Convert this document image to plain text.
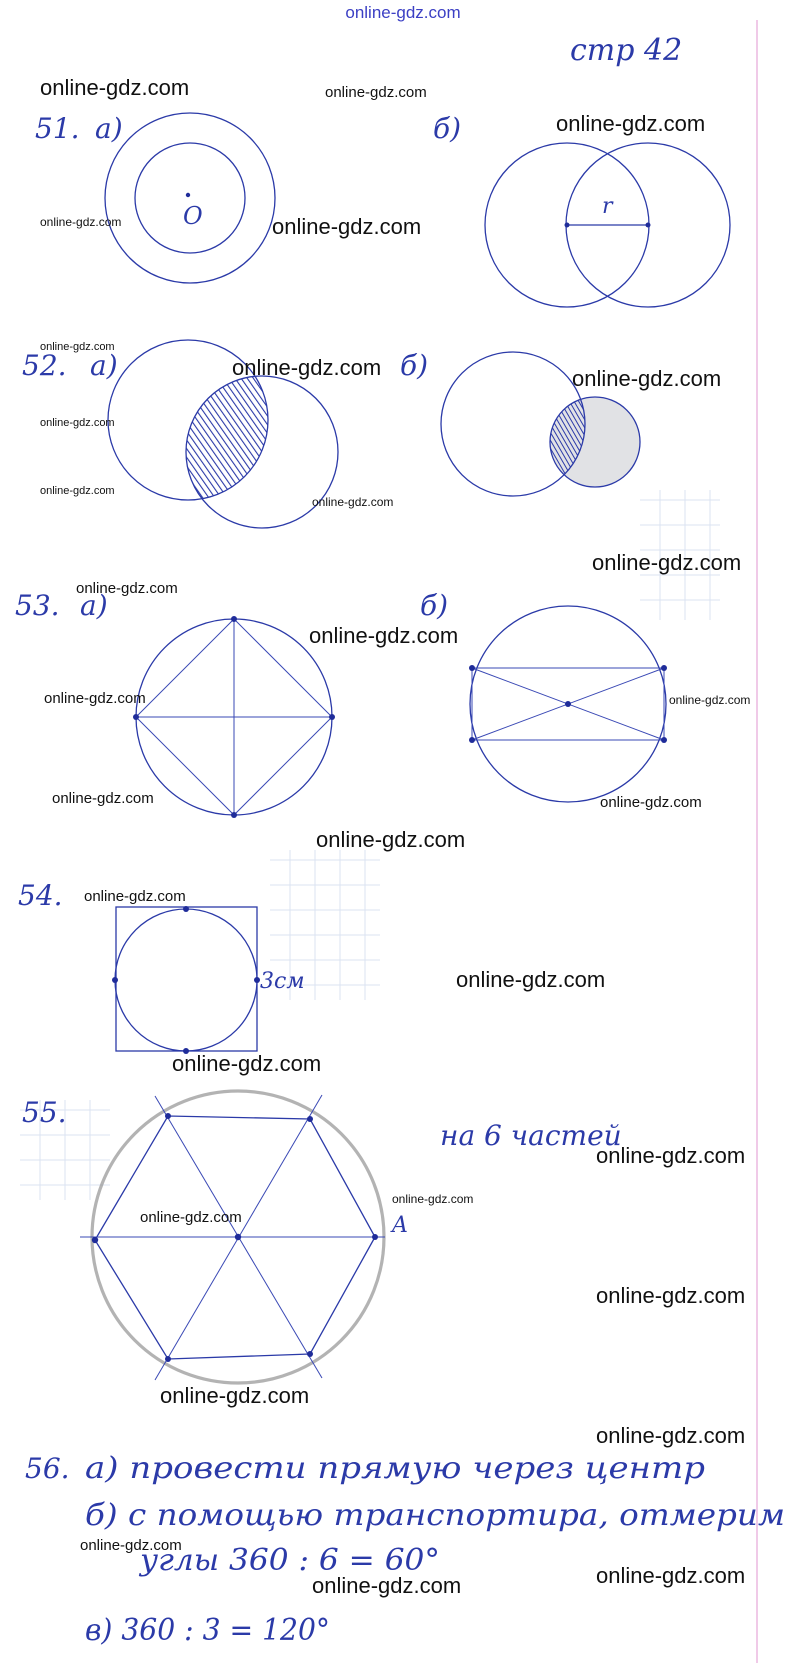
online-gdz.com
стр 42
51. а)
O
б)
r
52. а)	б)
53. а)	б)
54.
3см
55.
на 6 частей
A
56. а) провести прямую через центр
б) с помощью транспортира, отмерим
углы 360 : 6 = 60°
в) 360 : 3 = 120°
online-gdz.com	online-gdz.com
online-gdz.com
online-gdz.com	online-gdz.com
online-gdz.com
online-gdz.com	online-gdz.com
online-gdz.com
online-gdz.com
online-gdz.com
online-gdz.com
online-gdz.com
online-gdz.com
online-gdz.com	online-gdz.com
online-gdz.com	online-gdz.com
online-gdz.com
online-gdz.com
online-gdz.com
online-gdz.com
online-gdz.com
online-gdz.com
online-gdz.com
online-gdz.com
online-gdz.com
online-gdz.com
online-gdz.com
online-gdz.com	online-gdz.com
